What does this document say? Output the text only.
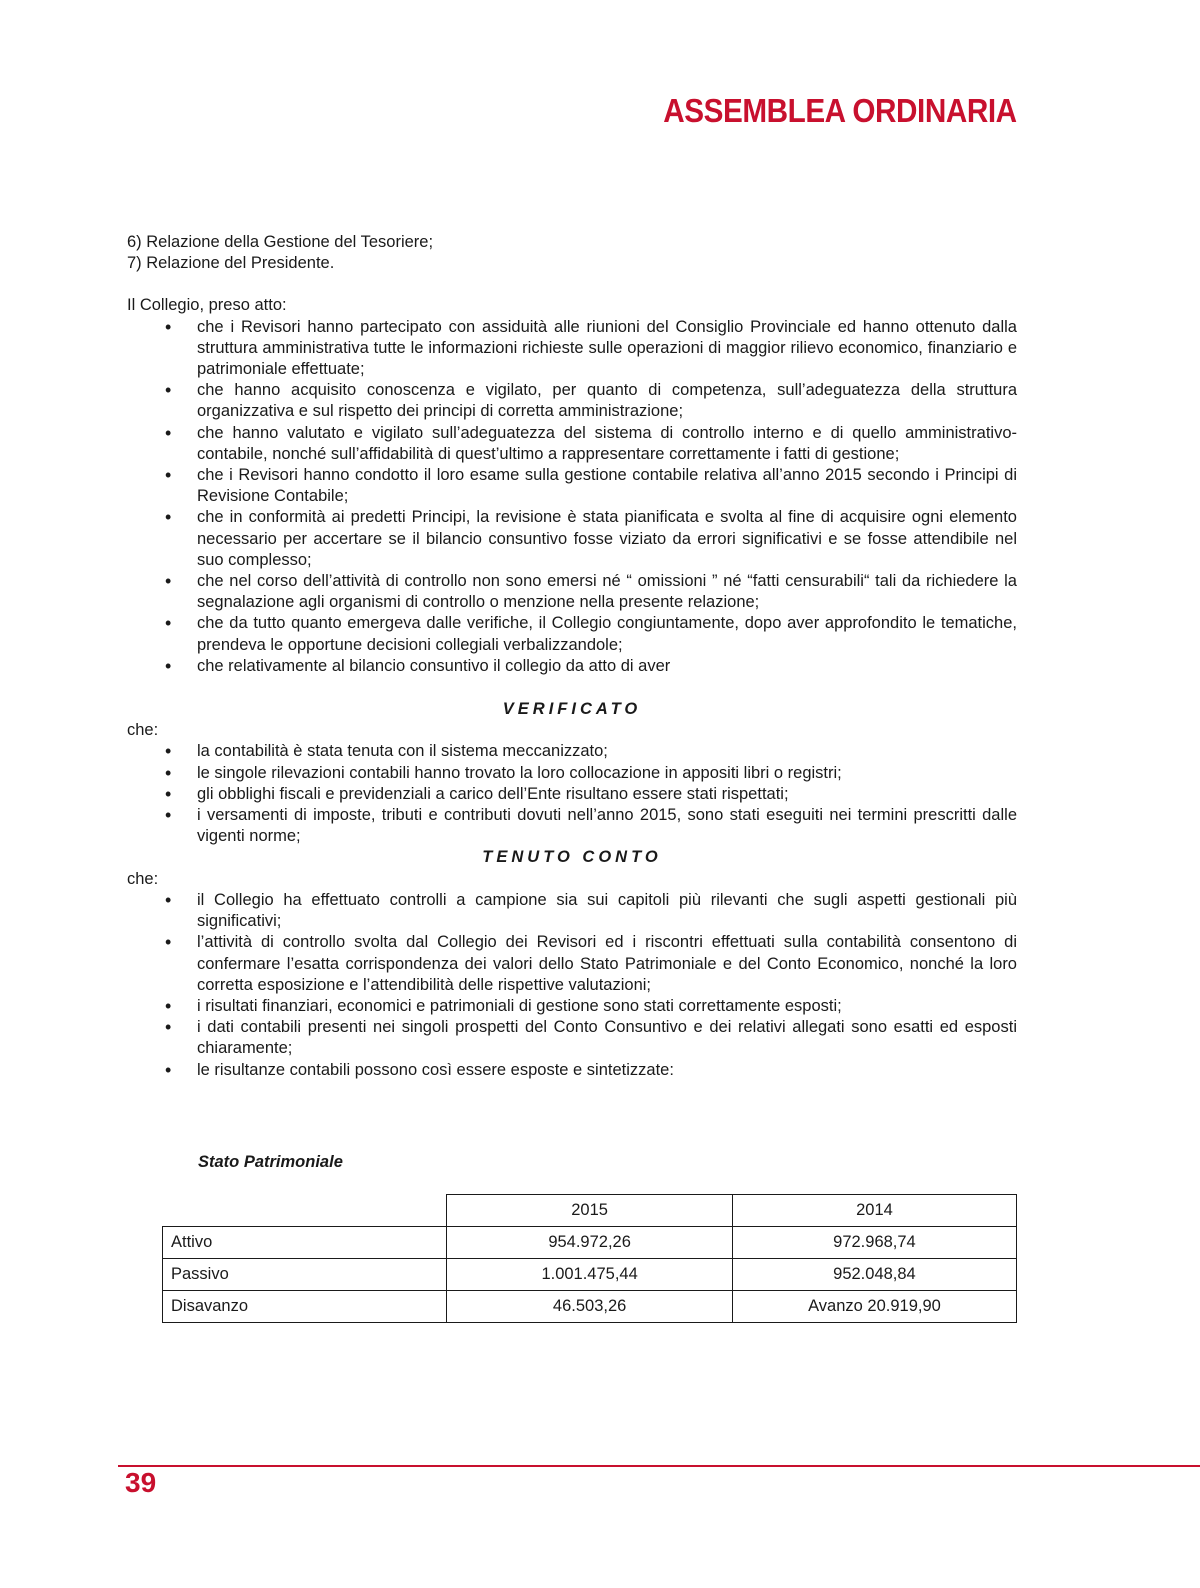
ASSEMBLEA ORDINARIA

6) Relazione della Gestione del Tesoriere;

7) Relazione del Presidente.

Il Collegio, preso atto:

• che i Revisori hanno partecipato con assiduità alle riunioni del Consiglio Provinciale ed hanno ottenuto dalla struttura amministrativa tutte le informazioni richieste sulle operazioni di maggior rilievo economico, finanziario e patrimoniale effettuate;
• che hanno acquisito conoscenza e vigilato, per quanto di competenza, sull’adeguatezza della struttura organizzativa e sul rispetto dei principi di corretta amministrazione;
• che hanno valutato e vigilato sull’adeguatezza del sistema di controllo interno e di quello amministrativo-contabile, nonché sull’affidabilità di quest’ultimo a rappresentare correttamente i fatti di gestione;
• che i Revisori hanno condotto il loro esame sulla gestione contabile relativa all’anno 2015 secondo i Principi di Revisione Contabile;
• che in conformità ai predetti Principi, la revisione è stata pianificata e svolta al fine di acquisire ogni elemento necessario per accertare se il bilancio consuntivo fosse viziato da errori significativi e se fosse attendibile nel suo complesso;
• che nel corso dell’attività di controllo non sono emersi né “ omissioni ” né “fatti censurabili“ tali da richiedere la segnalazione agli organismi di controllo o menzione nella presente relazione;
• che da tutto quanto emergeva dalle verifiche, il Collegio congiuntamente, dopo aver approfondito le tematiche, prendeva le opportune decisioni collegiali verbalizzandole;
• che relativamente al bilancio consuntivo il collegio da atto di aver

VERIFICATO

che:

• la contabilità è stata tenuta con il sistema meccanizzato;
• le singole rilevazioni contabili hanno trovato la loro collocazione in appositi libri o registri;
• gli obblighi fiscali e previdenziali a carico dell’Ente risultano essere stati rispettati;
• i versamenti di imposte, tributi e contributi dovuti nell’anno 2015, sono stati eseguiti nei termini prescritti dalle vigenti norme;

TENUTO CONTO

che:

• il Collegio ha effettuato controlli a campione sia sui capitoli più rilevanti che sugli aspetti gestionali più significativi;
• l’attività di controllo svolta dal Collegio dei Revisori ed i riscontri effettuati sulla contabilità consentono di confermare l’esatta corrispondenza dei valori dello Stato Patrimoniale e del Conto Economico, nonché la loro corretta esposizione e l’attendibilità delle rispettive valutazioni;
• i risultati finanziari, economici e patrimoniali di gestione sono stati correttamente esposti;
• i dati contabili presenti nei singoli prospetti del Conto Consuntivo e dei relativi allegati sono esatti ed esposti chiaramente;
• le risultanze contabili possono così essere esposte e sintetizzate:
Stato Patrimoniale
	2015	2014
Attivo	954.972,26	972.968,74
Passivo	1.001.475,44	952.048,84
Disavanzo	46.503,26	Avanzo 20.919,90
39
